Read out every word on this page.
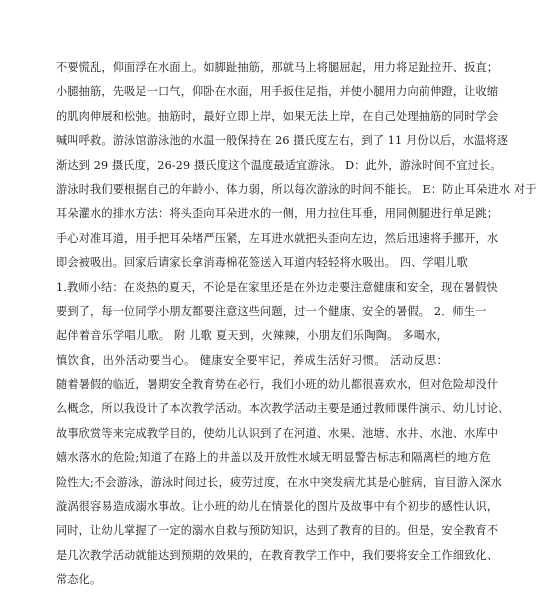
不要慌乱，仰面浮在水面上。如脚趾抽筋，那就马上将腿屈起，用力将足趾拉开、扳直；
小腿抽筋，先吸足一口气，仰卧在水面，用手扳住足指，并使小腿用力向前伸蹬，让收缩
的肌肉伸展和松弛。抽筋时，最好立即上岸，如果无法上岸，在自己处理抽筋的同时学会
喊叫呼救。游泳馆游泳池的水温一般保持在 26 摄氏度左右，到了 11 月份以后，水温将逐
渐达到 29 摄氏度，26-29 摄氏度这个温度最适宜游泳。 D：此外，游泳时间不宜过长。
游泳时我们要根据自己的年龄小、体力弱，所以每次游泳的时间不能长。 E：防止耳朵进水 对于
耳朵灌水的排水方法：将头歪向耳朵进水的一侧，用力拉住耳垂，用同侧腿进行单足跳；
手心对准耳道，用手把耳朵堵严压紧，左耳进水就把头歪向左边，然后迅速将手挪开，水
即会被吸出。回家后请家长拿消毒棉花签送入耳道内轻轻将水吸出。 四、学唱儿歌
1.教师小结：在炎热的夏天，不论是在家里还是在外边走要注意健康和安全，现在暑假快
要到了，每一位同学小朋友都要注意这些问题，过一个健康、安全的暑假。 2．师生一
起伴着音乐学唱儿歌。 附 儿歌 夏天到，火辣辣，小朋友们乐陶陶。 多喝水，
慎饮食，出外活动要当心。 健康安全要牢记，养成生活好习惯。 活动反思：
随着暑假的临近，暑期安全教育势在必行，我们小班的幼儿都很喜欢水，但对危险却没什
么概念，所以我设计了本次教学活动。本次教学活动主要是通过教师课件演示、幼儿讨论、
故事欣赏等来完成教学目的，使幼儿认识到了在河道、水果、池塘、水井、水池、水库中
嬉水落水的危险;知道了在路上的井盖以及开放性水域无明显警告标志和隔离栏的地方危
险性大;不会游泳，游泳时间过长，疲劳过度，在水中突发病尤其是心脏病，盲目游入深水
漩涡很容易造成溺水事故。让小班的幼儿在情景化的图片及故事中有个初步的感性认识，
同时，让幼儿掌握了一定的溺水自救与预防知识，达到了教育的目的。但是，安全教育不
是几次教学活动就能达到预期的效果的，在教育教学工作中，我们要将安全工作细致化、
常态化。
